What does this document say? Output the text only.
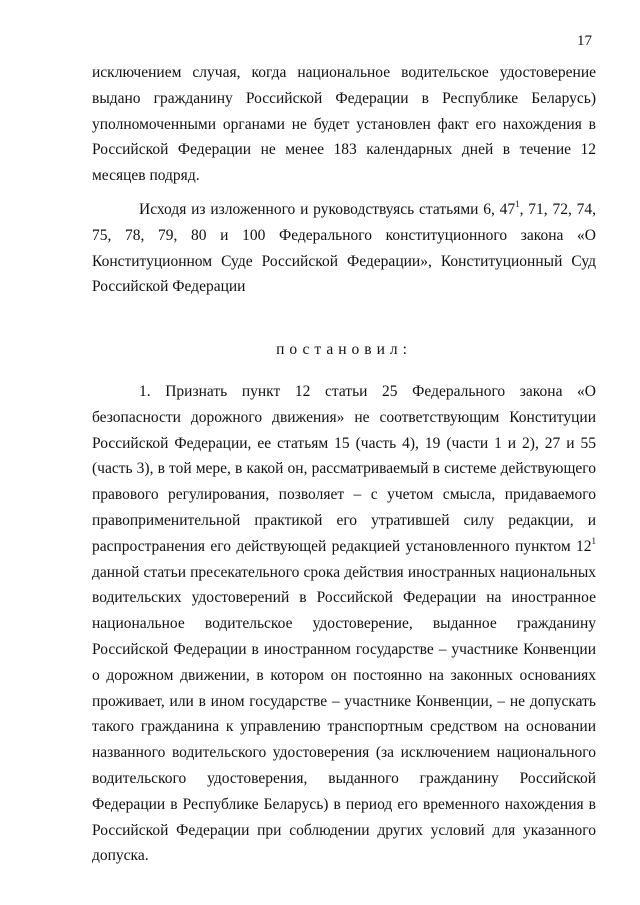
17

исключением случая, когда национальное водительское удостоверение выдано гражданину Российской Федерации в Республике Беларусь) уполномоченными органами не будет установлен факт его нахождения в Российской Федерации не менее 183 календарных дней в течение 12 месяцев подряд.

Исходя из изложенного и руководствуясь статьями 6, $47^1$, 71, 72, 74, 75, 78, 79, 80 и 100 Федерального конституционного закона «О Конституционном Суде Российской Федерации», Конституционный Суд Российской Федерации

постановил:

1. Признать пункт 12 статьи 25 Федерального закона «О безопасности дорожного движения» не соответствующим Конституции Российской Федерации, ее статьям 15 (часть 4), 19 (части 1 и 2), 27 и 55 (часть 3), в той мере, в какой он, рассматриваемый в системе действующего правового регулирования, позволяет – с учетом смысла, придаваемого правоприменительной практикой его утратившей силу редакции, и распространения его действующей редакцией установленного пунктом $12^1$ данной статьи пресекательного срока действия иностранных национальных водительских удостоверений в Российской Федерации на иностранное национальное водительское удостоверение, выданное гражданину Российской Федерации в иностранном государстве – участнике Конвенции о дорожном движении, в котором он постоянно на законных основаниях проживает, или в ином государстве – участнике Конвенции, – не допускать такого гражданина к управлению транспортным средством на основании названного водительского удостоверения (за исключением национального водительского удостоверения, выданного гражданину Российской Федерации в Республике Беларусь) в период его временного нахождения в Российской Федерации при соблюдении других условий для указанного допуска.
